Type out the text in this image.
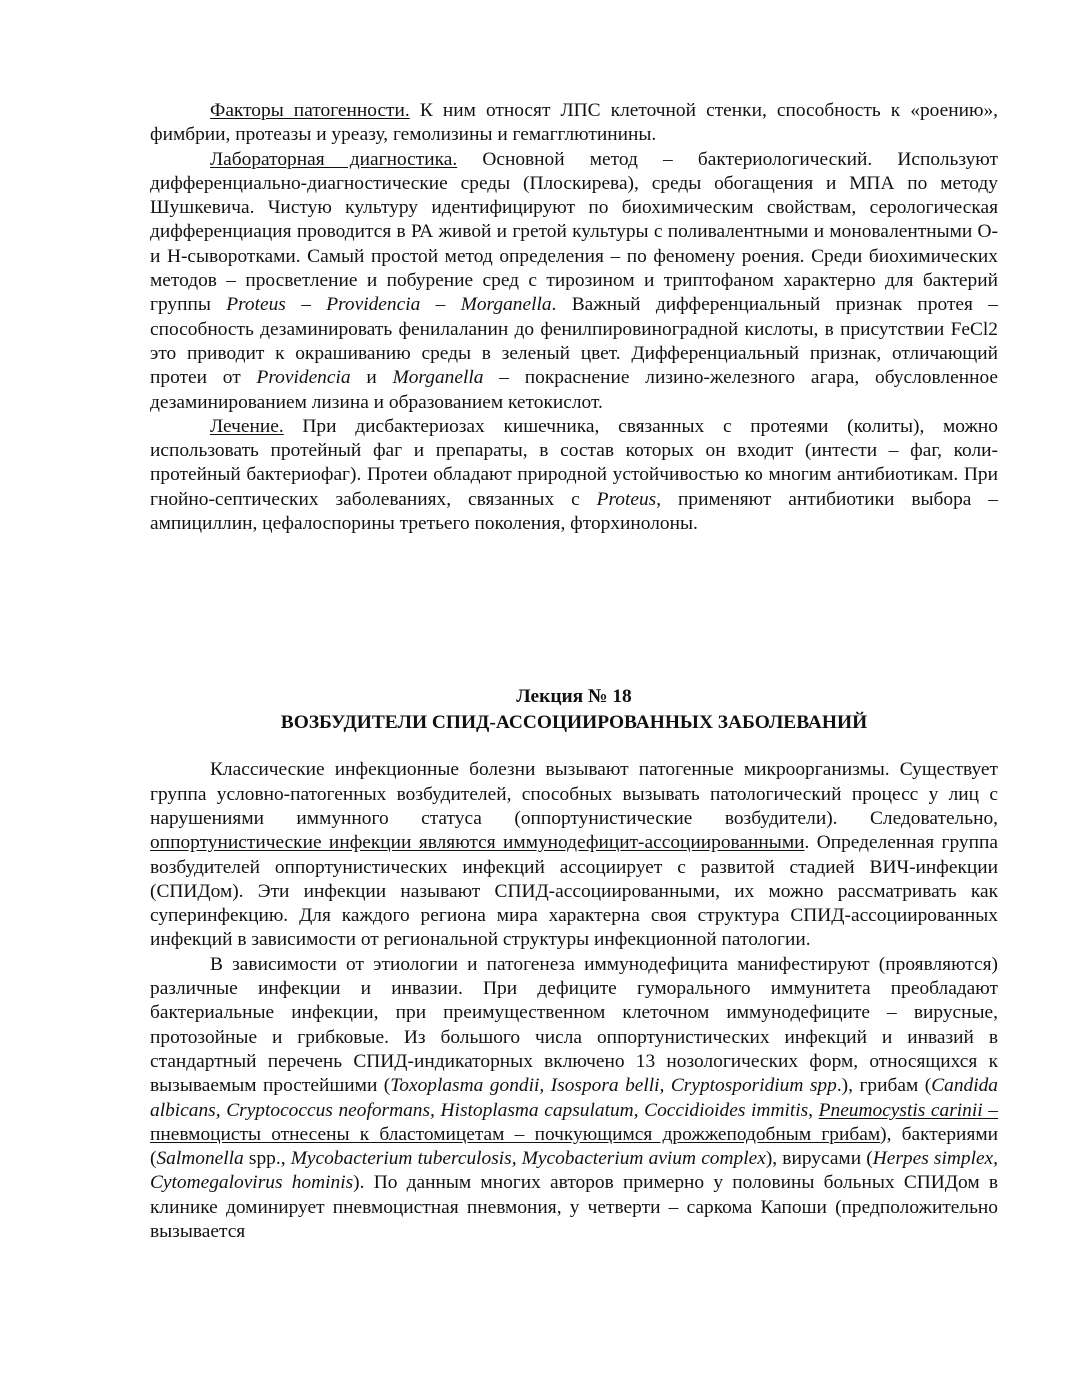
Факторы патогенности. К ним относят ЛПС клеточной стенки, способность к «роению», фимбрии, протеазы и уреазу, гемолизины и гемагглютинины.

Лабораторная диагностика. Основной метод – бактериологический. Используют дифференциально-диагностические среды (Плоскирева), среды обогащения и МПА по методу Шушкевича. Чистую культуру идентифицируют по биохимическим свойствам, серологическая дифференциация проводится в РА живой и гретой культуры с поливалентными и моновалентными О- и Н-сыворотками. Самый простой метод определения – по феномену роения. Среди биохимических методов – просветление и побурение сред с тирозином и триптофаном характерно для бактерий группы Proteus – Providencia – Morganella. Важный дифференциальный признак протея – способность дезаминировать фенилаланин до фенилпировиноградной кислоты, в присутствии FeCl2 это приводит к окрашиванию среды в зеленый цвет. Дифференциальный признак, отличающий протеи от Providencia и Morganella – покраснение лизино-железного агара, обусловленное дезаминированием лизина и образованием кетокислот.

Лечение. При дисбактериозах кишечника, связанных с протеями (колиты), можно использовать протейный фаг и препараты, в состав которых он входит (интести – фаг, коли-протейный бактериофаг). Протеи обладают природной устойчивостью ко многим антибиотикам. При гнойно-септических заболеваниях, связанных с Proteus, применяют антибиотики выбора – ампициллин, цефалоспорины третьего поколения, фторхинолоны.

Лекция № 18
ВОЗБУДИТЕЛИ СПИД-АССОЦИИРОВАННЫХ ЗАБОЛЕВАНИЙ

Классические инфекционные болезни вызывают патогенные микроорганизмы. Существует группа условно-патогенных возбудителей, способных вызывать патологический процесс у лиц с нарушениями иммунного статуса (оппортунистические возбудители). Следовательно, оппортунистические инфекции являются иммунодефицит-ассоциированными. Определенная группа возбудителей оппортунистических инфекций ассоциирует с развитой стадией ВИЧ-инфекции (СПИДом). Эти инфекции называют СПИД-ассоциированными, их можно рассматривать как суперинфекцию. Для каждого региона мира характерна своя структура СПИД-ассоциированных инфекций в зависимости от региональной структуры инфекционной патологии.

В зависимости от этиологии и патогенеза иммунодефицита манифестируют (проявляются) различные инфекции и инвазии. При дефиците гуморального иммунитета преобладают бактериальные инфекции, при преимущественном клеточном иммунодефиците – вирусные, протозойные и грибковые. Из большого числа оппортунистических инфекций и инвазий в стандартный перечень СПИД-индикаторных включено 13 нозологических форм, относящихся к вызываемым простейшими (Toxoplasma gondii, Isospora belli, Cryptosporidium spp.), грибам (Candida albicans, Cryptococcus neoformans, Histoplasma capsulatum, Coccidioides immitis, Pneumocystis carinii – пневмоцисты отнесены к бластомицетам – почкующимся дрожжеподобным грибам), бактериями (Salmonella spp., Mycobacterium tuberculosis, Mycobacterium avium complex), вирусами (Herpes simplex, Cytomegalovirus hominis). По данным многих авторов примерно у половины больных СПИДом в клинике доминирует пневмоцистная пневмония, у четверти – саркома Капоши (предположительно вызывается
